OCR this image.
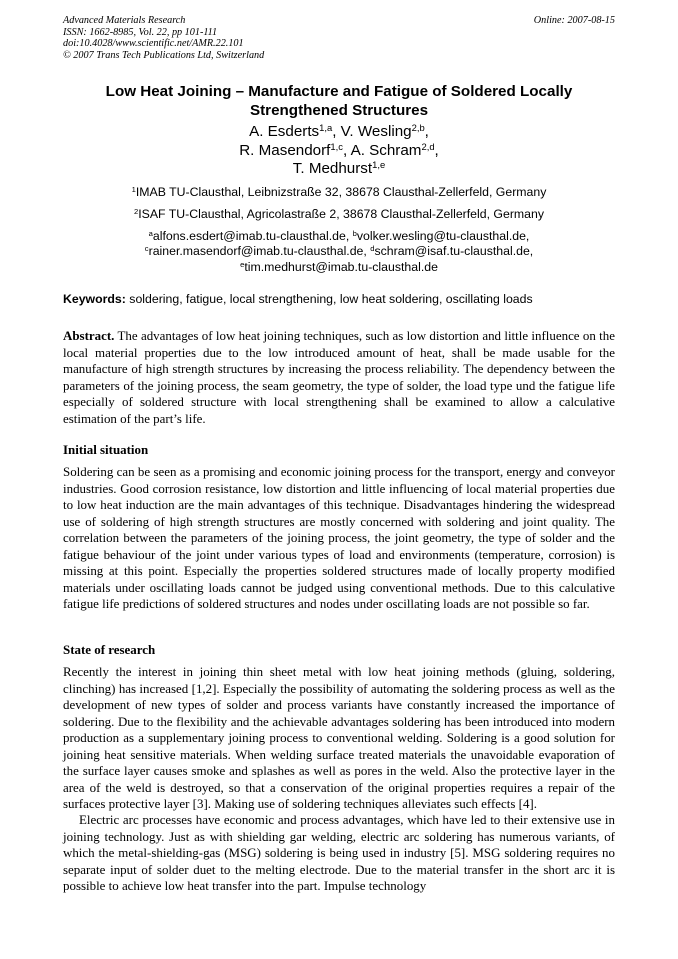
Advanced Materials Research
ISSN: 1662-8985, Vol. 22, pp 101-111
doi:10.4028/www.scientific.net/AMR.22.101
© 2007 Trans Tech Publications Ltd, Switzerland
Online: 2007-08-15
Low Heat Joining – Manufacture and Fatigue of Soldered Locally
Strengthened Structures
A. Esderts$^{1,a}$, V. Wesling$^{2,b}$,
R. Masendorf$^{1,c}$, A. Schram$^{2,d}$,
T. Medhurst$^{1,e}$
$^1$IMAB TU-Clausthal, Leibnizstraße 32, 38678 Clausthal-Zellerfeld, Germany
$^2$ISAF TU-Clausthal, Agricolastraße 2, 38678 Clausthal-Zellerfeld, Germany
$^a$alfons.esdert@imab.tu-clausthal.de, $^b$volker.wesling@tu-clausthal.de,
$^c$rainer.masendorf@imab.tu-clausthal.de, $^d$schram@isaf.tu-clausthal.de,
$^e$tim.medhurst@imab.tu-clausthal.de
Keywords: soldering, fatigue, local strengthening, low heat soldering, oscillating loads
Abstract. The advantages of low heat joining techniques, such as low distortion and little influence on the local material properties due to the low introduced amount of heat, shall be made usable for the manufacture of high strength structures by increasing the process reliability. The dependency between the parameters of the joining process, the seam geometry, the type of solder, the load type und the fatigue life especially of soldered structure with local strengthening shall be examined to allow a calculative estimation of the part’s life.
Initial situation
Soldering can be seen as a promising and economic joining process for the transport, energy and conveyor industries. Good corrosion resistance, low distortion and little influencing of local material properties due to low heat induction are the main advantages of this technique. Disadvantages hindering the widespread use of soldering of high strength structures are mostly concerned with soldering and joint quality. The correlation between the parameters of the joining process, the joint geometry, the type of solder and the fatigue behaviour of the joint under various types of load and environments (temperature, corrosion) is missing at this point. Especially the properties soldered structures made of locally property modified materials under oscillating loads cannot be judged using conventional methods. Due to this calculative fatigue life predictions of soldered structures and nodes under oscillating loads are not possible so far.
State of research
Recently the interest in joining thin sheet metal with low heat joining methods (gluing, soldering, clinching) has increased [1,2]. Especially the possibility of automating the soldering process as well as the development of new types of solder and process variants have constantly increased the importance of soldering. Due to the flexibility and the achievable advantages soldering has been introduced into modern production as a supplementary joining process to conventional welding. Soldering is a good solution for joining heat sensitive materials. When welding surface treated materials the unavoidable evaporation of the surface layer causes smoke and splashes as well as pores in the weld. Also the protective layer in the area of the weld is destroyed, so that a conservation of the original properties requires a repair of the surfaces protective layer [3]. Making use of soldering techniques alleviates such effects [4].
Electric arc processes have economic and process advantages, which have led to their extensive use in joining technology. Just as with shielding gar welding, electric arc soldering has numerous variants, of which the metal-shielding-gas (MSG) soldering is being used in industry [5]. MSG soldering requires no separate input of solder duet to the melting electrode. Due to the material transfer in the short arc it is possible to achieve low heat transfer into the part. Impulse technology
